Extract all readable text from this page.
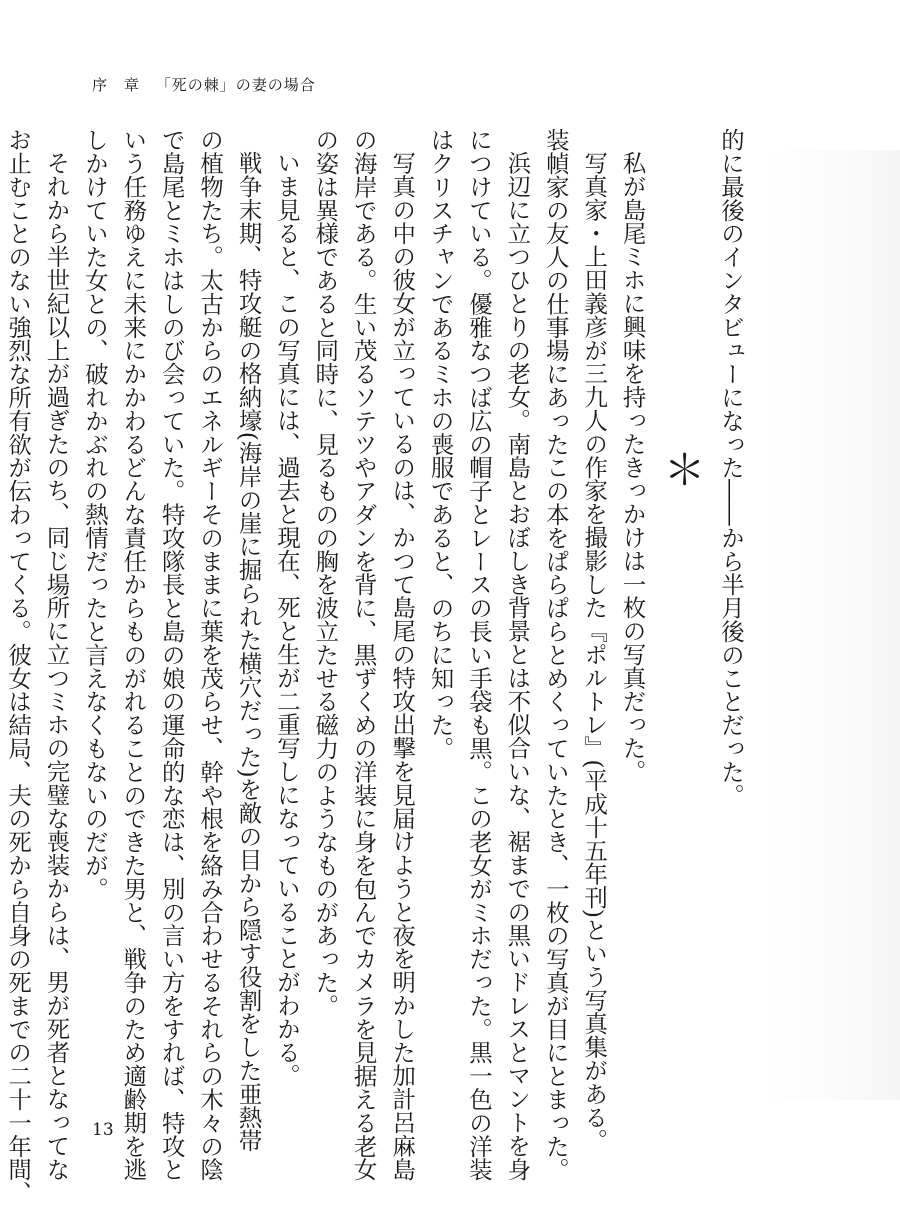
序　章 「死の棘」の妻の場合

的に最後のインタビューになった――から半月後のことだった。

＊

私が島尾ミホに興味を持ったきっかけは一枚の写真だった。

写真家・上田義彦が三九人の作家を撮影した『ポルトレ』(平成十五年刊)という写真集がある。

装幀家の友人の仕事場にあったこの本をぱらぱらとめくっていたとき、一枚の写真が目にとまった。

浜辺に立つひとりの老女。南島とおぼしき背景とは不似合いな、裾までの黒いドレスとマントを身

につけている。優雅なつば広の帽子とレースの長い手袋も黒。この老女がミホだった。黒一色の洋装

はクリスチャンであるミホの喪服であると、のちに知った。

写真の中の彼女が立っているのは、かつて島尾の特攻出撃を見届けようと夜を明かした加計呂麻島

の海岸である。生い茂るソテツやアダンを背に、黒ずくめの洋装に身を包んでカメラを見据える老女

の姿は異様であると同時に、見るものの胸を波立たせる磁力のようなものがあった。

いま見ると、この写真には、過去と現在、死と生が二重写しになっていることがわかる。

戦争末期、特攻艇の格納壕(海岸の崖に掘られた横穴だった)を敵の目から隠す役割をした亜熱帯

の植物たち。太古からのエネルギーそのままに葉を茂らせ、幹や根を絡み合わせるそれらの木々の陰

で島尾とミホはしのび会っていた。特攻隊長と島の娘の運命的な恋は、別の言い方をすれば、特攻と

いう任務ゆえに未来にかかわるどんな責任からものがれることのできた男と、戦争のため適齢期を逃

しかけていた女との、破れかぶれの熱情だったと言えなくもないのだが。

それから半世紀以上が過ぎたのち、同じ場所に立つミホの完璧な喪装からは、男が死者となってな

お止むことのない強烈な所有欲が伝わってくる。彼女は結局、夫の死から自身の死までの二十一年間、	13
